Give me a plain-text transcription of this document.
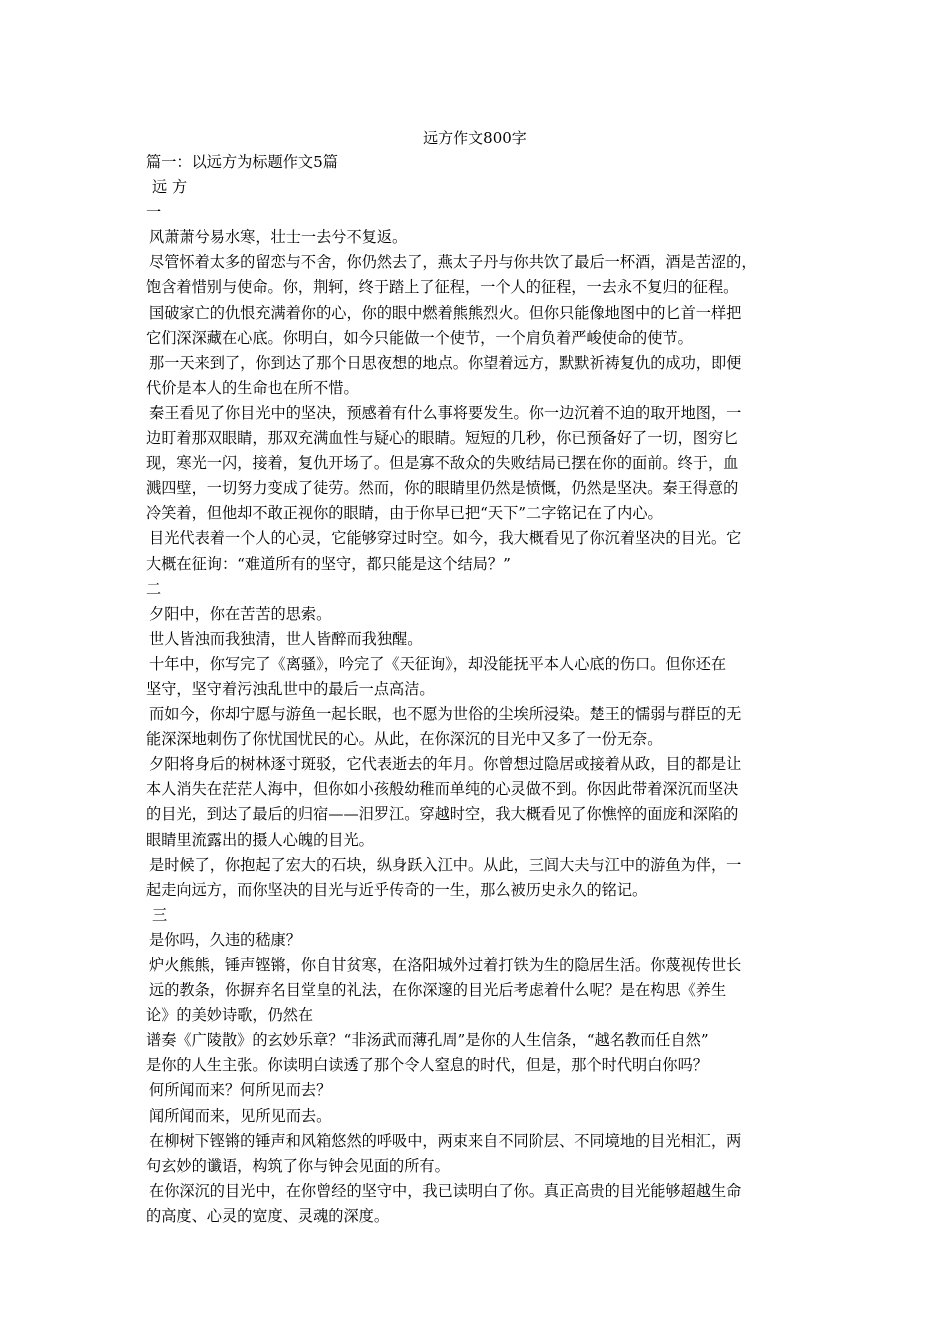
远方作文800字
篇一：以远方为标题作文5篇
远 方
一
风萧萧兮易水寒，壮士一去兮不复返。
尽管怀着太多的留恋与不舍，你仍然去了，燕太子丹与你共饮了最后一杯酒，酒是苦涩的，
饱含着惜别与使命。你，荆轲，终于踏上了征程，一个人的征程，一去永不复归的征程。
国破家亡的仇恨充满着你的心，你的眼中燃着熊熊烈火。但你只能像地图中的匕首一样把
它们深深藏在心底。你明白，如今只能做一个使节，一个肩负着严峻使命的使节。
那一天来到了，你到达了那个日思夜想的地点。你望着远方，默默祈祷复仇的成功，即便
代价是本人的生命也在所不惜。
秦王看见了你目光中的坚决，预感着有什么事将要发生。你一边沉着不迫的取开地图，一
边盯着那双眼睛，那双充满血性与疑心的眼睛。短短的几秒，你已预备好了一切，图穷匕
现，寒光一闪，接着，复仇开场了。但是寡不敌众的失败结局已摆在你的面前。终于，血
溅四壁，一切努力变成了徒劳。然而，你的眼睛里仍然是愤慨，仍然是坚决。秦王得意的
冷笑着，但他却不敢正视你的眼睛，由于你早已把“天下”二字铭记在了内心。
目光代表着一个人的心灵，它能够穿过时空。如今，我大概看见了你沉着坚决的目光。它
大概在征询：“难道所有的坚守，都只能是这个结局？”
二
夕阳中，你在苦苦的思索。
世人皆浊而我独清，世人皆醉而我独醒。
十年中，你写完了《离骚》，吟完了《天征询》，却没能抚平本人心底的伤口。但你还在
坚守，坚守着污浊乱世中的最后一点高洁。
而如今，你却宁愿与游鱼一起长眠，也不愿为世俗的尘埃所浸染。楚王的懦弱与群臣的无
能深深地刺伤了你忧国忧民的心。从此，在你深沉的目光中又多了一份无奈。
夕阳将身后的树林逐寸斑驳，它代表逝去的年月。你曾想过隐居或接着从政，目的都是让
本人消失在茫茫人海中，但你如小孩般幼稚而单纯的心灵做不到。你因此带着深沉而坚决
的目光，到达了最后的归宿——汨罗江。穿越时空，我大概看见了你憔悴的面庞和深陷的
眼睛里流露出的摄人心魄的目光。
是时候了，你抱起了宏大的石块，纵身跃入江中。从此，三闾大夫与江中的游鱼为伴，一
起走向远方，而你坚决的目光与近乎传奇的一生，那么被历史永久的铭记。
三
是你吗，久违的嵇康？
炉火熊熊，锤声铿锵，你自甘贫寒，在洛阳城外过着打铁为生的隐居生活。你蔑视传世长
远的教条，你摒弃名目堂皇的礼法，在你深邃的目光后考虑着什么呢？是在构思《养生
论》的美妙诗歌，仍然在
谱奏《广陵散》的玄妙乐章？“非汤武而薄孔周”是你的人生信条，“越名教而任自然”
是你的人生主张。你读明白读透了那个令人窒息的时代，但是，那个时代明白你吗？
何所闻而来？何所见而去？
闻所闻而来，见所见而去。
在柳树下铿锵的锤声和风箱悠然的呼吸中，两束来自不同阶层、不同境地的目光相汇，两
句玄妙的谶语，构筑了你与钟会见面的所有。
在你深沉的目光中，在你曾经的坚守中，我已读明白了你。真正高贵的目光能够超越生命
的高度、心灵的宽度、灵魂的深度。
